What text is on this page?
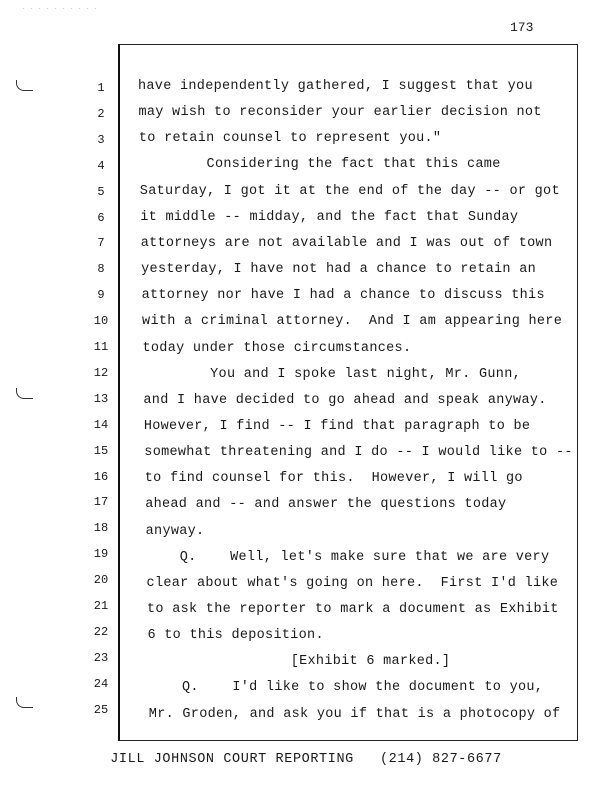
· · · · · · · · · ·
173
1	have independently gathered, I suggest that you
2	may wish to reconsider your earlier decision not
3	to retain counsel to represent you."
4	Considering the fact that this came
5	Saturday, I got it at the end of the day -- or got
6	it middle -- midday, and the fact that Sunday
7	attorneys are not available and I was out of town
8	yesterday, I have not had a chance to retain an
9	attorney nor have I had a chance to discuss this
10	with a criminal attorney.  And I am appearing here
11	today under those circumstances.
12	You and I spoke last night, Mr. Gunn,
13	and I have decided to go ahead and speak anyway.
14	However, I find -- I find that paragraph to be
15	somewhat threatening and I do -- I would like to --
16	to find counsel for this.  However, I will go
17	ahead and -- and answer the questions today
18	anyway.
19	Q.    Well, let's make sure that we are very
20	clear about what's going on here.  First I'd like
21	to ask the reporter to mark a document as Exhibit
22	6 to this deposition.
23	[Exhibit 6 marked.]
24	Q.    I'd like to show the document to you,
25	Mr. Groden, and ask you if that is a photocopy of
JILL JOHNSON COURT REPORTING   (214) 827-6677
